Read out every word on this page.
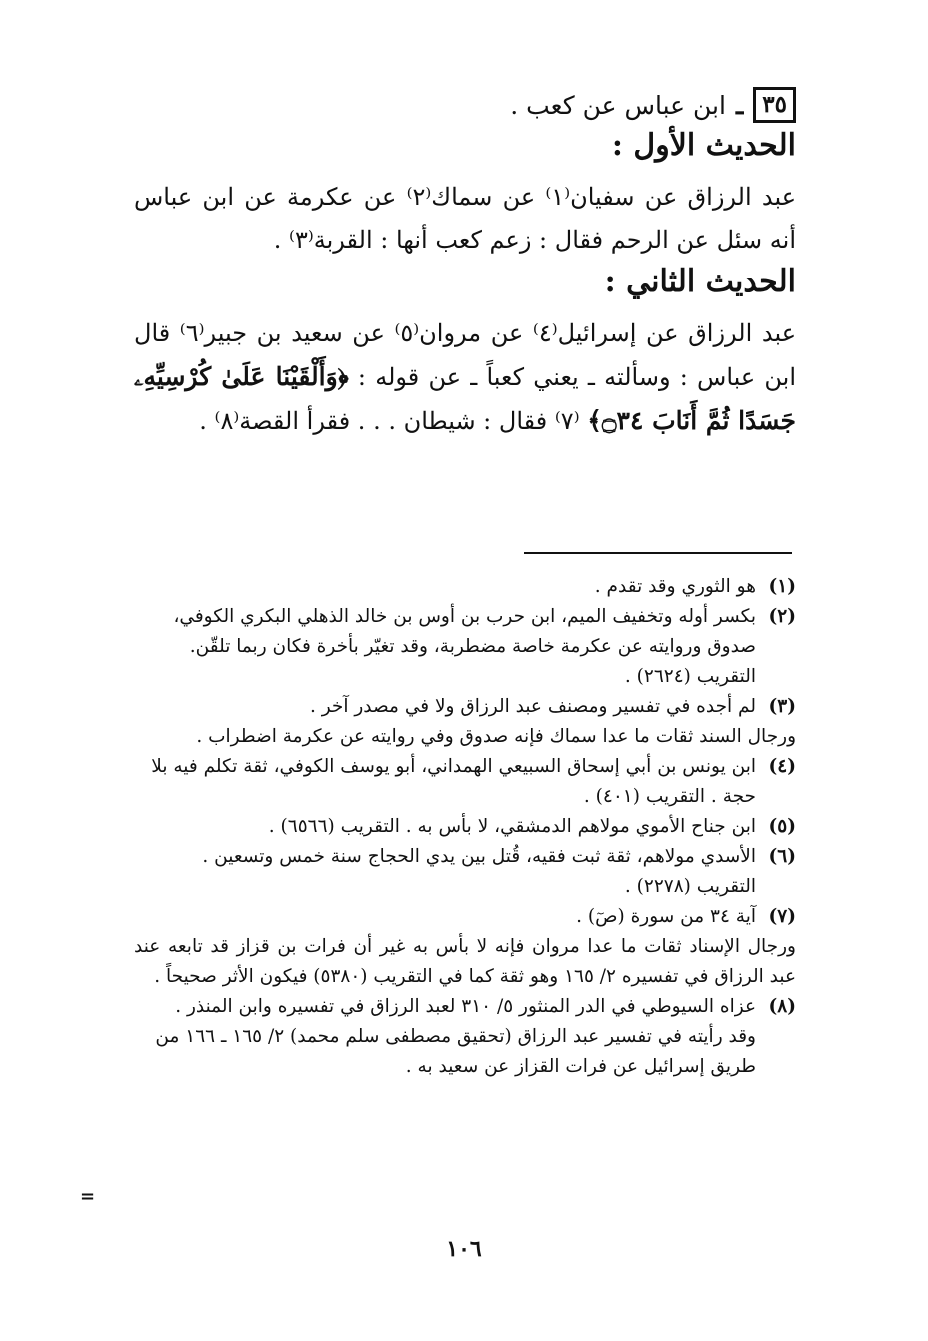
٣٥
ـ
ابن عباس عن كعب .
الحديث الأول :

عبد الرزاق عن سفيان⁽١⁾ عن سماك⁽٢⁾ عن عكرمة عن ابن عباس أنه سئل عن الرحم فقال : زعم كعب أنها : القربة⁽٣⁾ .

الحديث الثاني :

عبد الرزاق عن إسرائيل⁽٤⁾ عن مروان⁽٥⁾ عن سعيد بن جبير⁽٦⁾ قال ابن عباس : وسألته ـ يعني كعباً ـ عن قوله : ﴿وَأَلْقَيْنَا عَلَىٰ كُرْسِيِّهِۦ جَسَدًا ثُمَّ أَنَابَ ۝٣٤﴾ ⁽٧⁾ فقال : شيطان . . . فقرأ القصة⁽٨⁾ .

(١)
هو الثوري وقد تقدم .
(٢)
بكسر أوله وتخفيف الميم، ابن حرب بن أوس بن خالد الذهلي البكري الكوفي،
صدوق وروايته عن عكرمة خاصة مضطربة، وقد تغيّر بأخرة فكان ربما تلقّن.
التقريب (٢٦٢٤) .
(٣)
لم أجده في تفسير ومصنف عبد الرزاق ولا في مصدر آخر .
ورجال السند ثقات ما عدا سماك فإنه صدوق وفي روايته عن عكرمة اضطراب .
(٤)
ابن يونس بن أبي إسحاق السبيعي الهمداني، أبو يوسف الكوفي، ثقة تكلم فيه بلا
حجة . التقريب (٤٠١) .
(٥)
ابن جناح الأموي مولاهم الدمشقي، لا بأس به . التقريب (٦٥٦٦) .
(٦)
الأسدي مولاهم، ثقة ثبت فقيه، قُتل بين يدي الحجاج سنة خمس وتسعين .
التقريب (٢٢٧٨) .
(٧)
آية ٣٤ من سورة (صٓ) .
ورجال الإسناد ثقات ما عدا مروان فإنه لا بأس به غير أن فرات بن قزاز قد تابعه عند عبد الرزاق في تفسيره ٢/ ١٦٥ وهو ثقة كما في التقريب (٥٣٨٠) فيكون الأثر صحيحاً .
(٨)
عزاه السيوطي في الدر المنثور ٥/ ٣١٠ لعبد الرزاق في تفسيره وابن المنذر .
وقد رأيته في تفسير عبد الرزاق (تحقيق مصطفى سلم محمد) ٢/ ١٦٥ ـ ١٦٦ من
طريق إسرائيل عن فرات القزاز عن سعيد به .
=
١٠٦
